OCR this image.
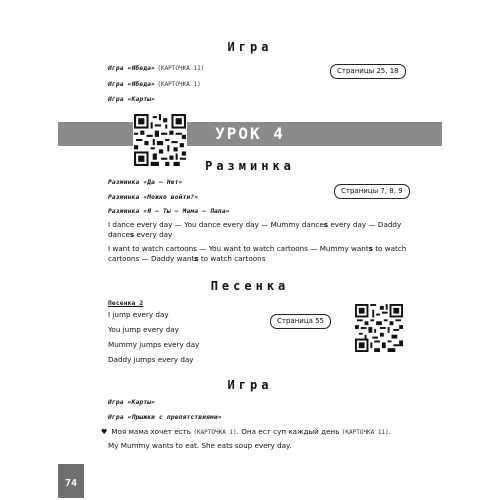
Игра
Игра «Ябеда» (КАРТОЧКА 11)
Игра «Ябеда» (КАРТОЧКА 1)
Игра «Карты»
Страницы 25, 18
УРОК 4
Разминка
Разминка «Да — Нет»
Разминка «Можно войти?»
Разминка «Я — Ты — Мама — Папа»
Страницы 7, 8, 9
I dance every day — You dance every day — Mummy dances every day — Daddy
dances every day
I want to watch cartoons — You want to watch cartoons — Mummy wants to watch
cartoons — Daddy wants to watch cartoons
Песенка
Песенка 2
I jump every day
You jump every day
Mummy jumps every day
Daddy jumps every day
Страница 55
Игра
Игра «Карты»
Игра «Прыжки с препятствиями»
♥ Моя мама хочет есть (КАРТОЧКА 1). Она ест суп каждый день (КАРТОЧКА 11).
My Mummy wants to eat. She eats soup every day.
74
